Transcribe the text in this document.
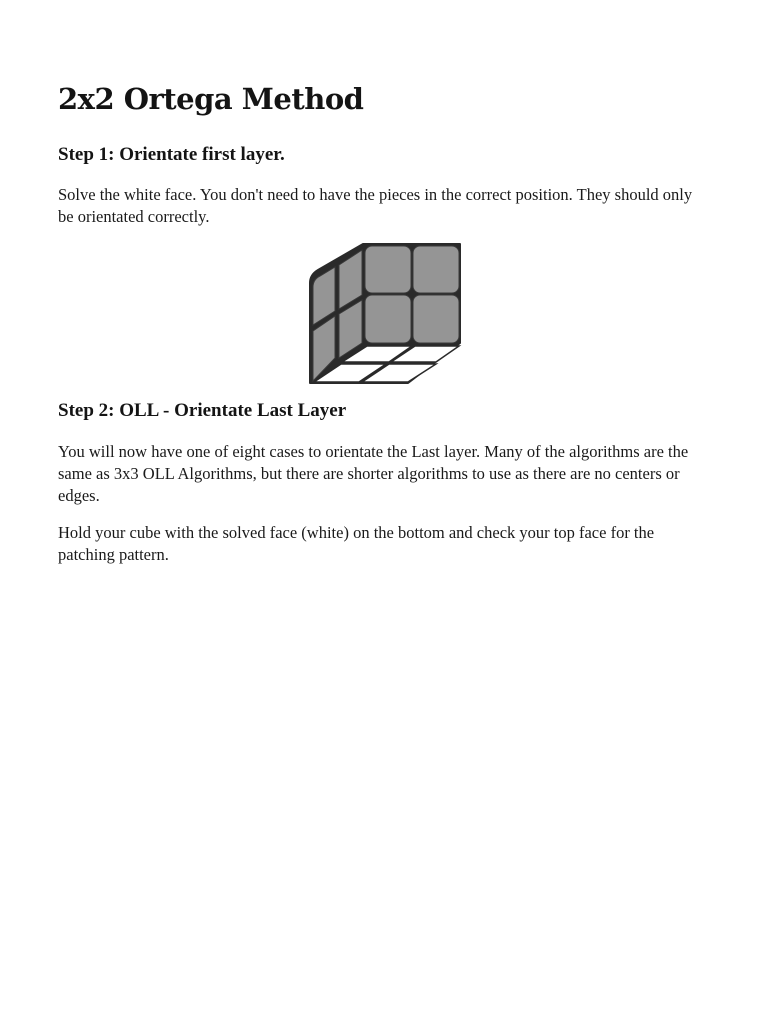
2x2 Ortega Method
Step 1: Orientate first layer.

Solve the white face. You don't need to have the pieces in the correct position. They should only be orientated correctly.

Step 2: OLL - Orientate Last Layer

You will now have one of eight cases to orientate the Last layer. Many of the algorithms are the same as 3x3 OLL Algorithms, but there are shorter algorithms to use as there are no centers or edges.

Hold your cube with the solved face (white) on the bottom and check your top face for the patching pattern.
